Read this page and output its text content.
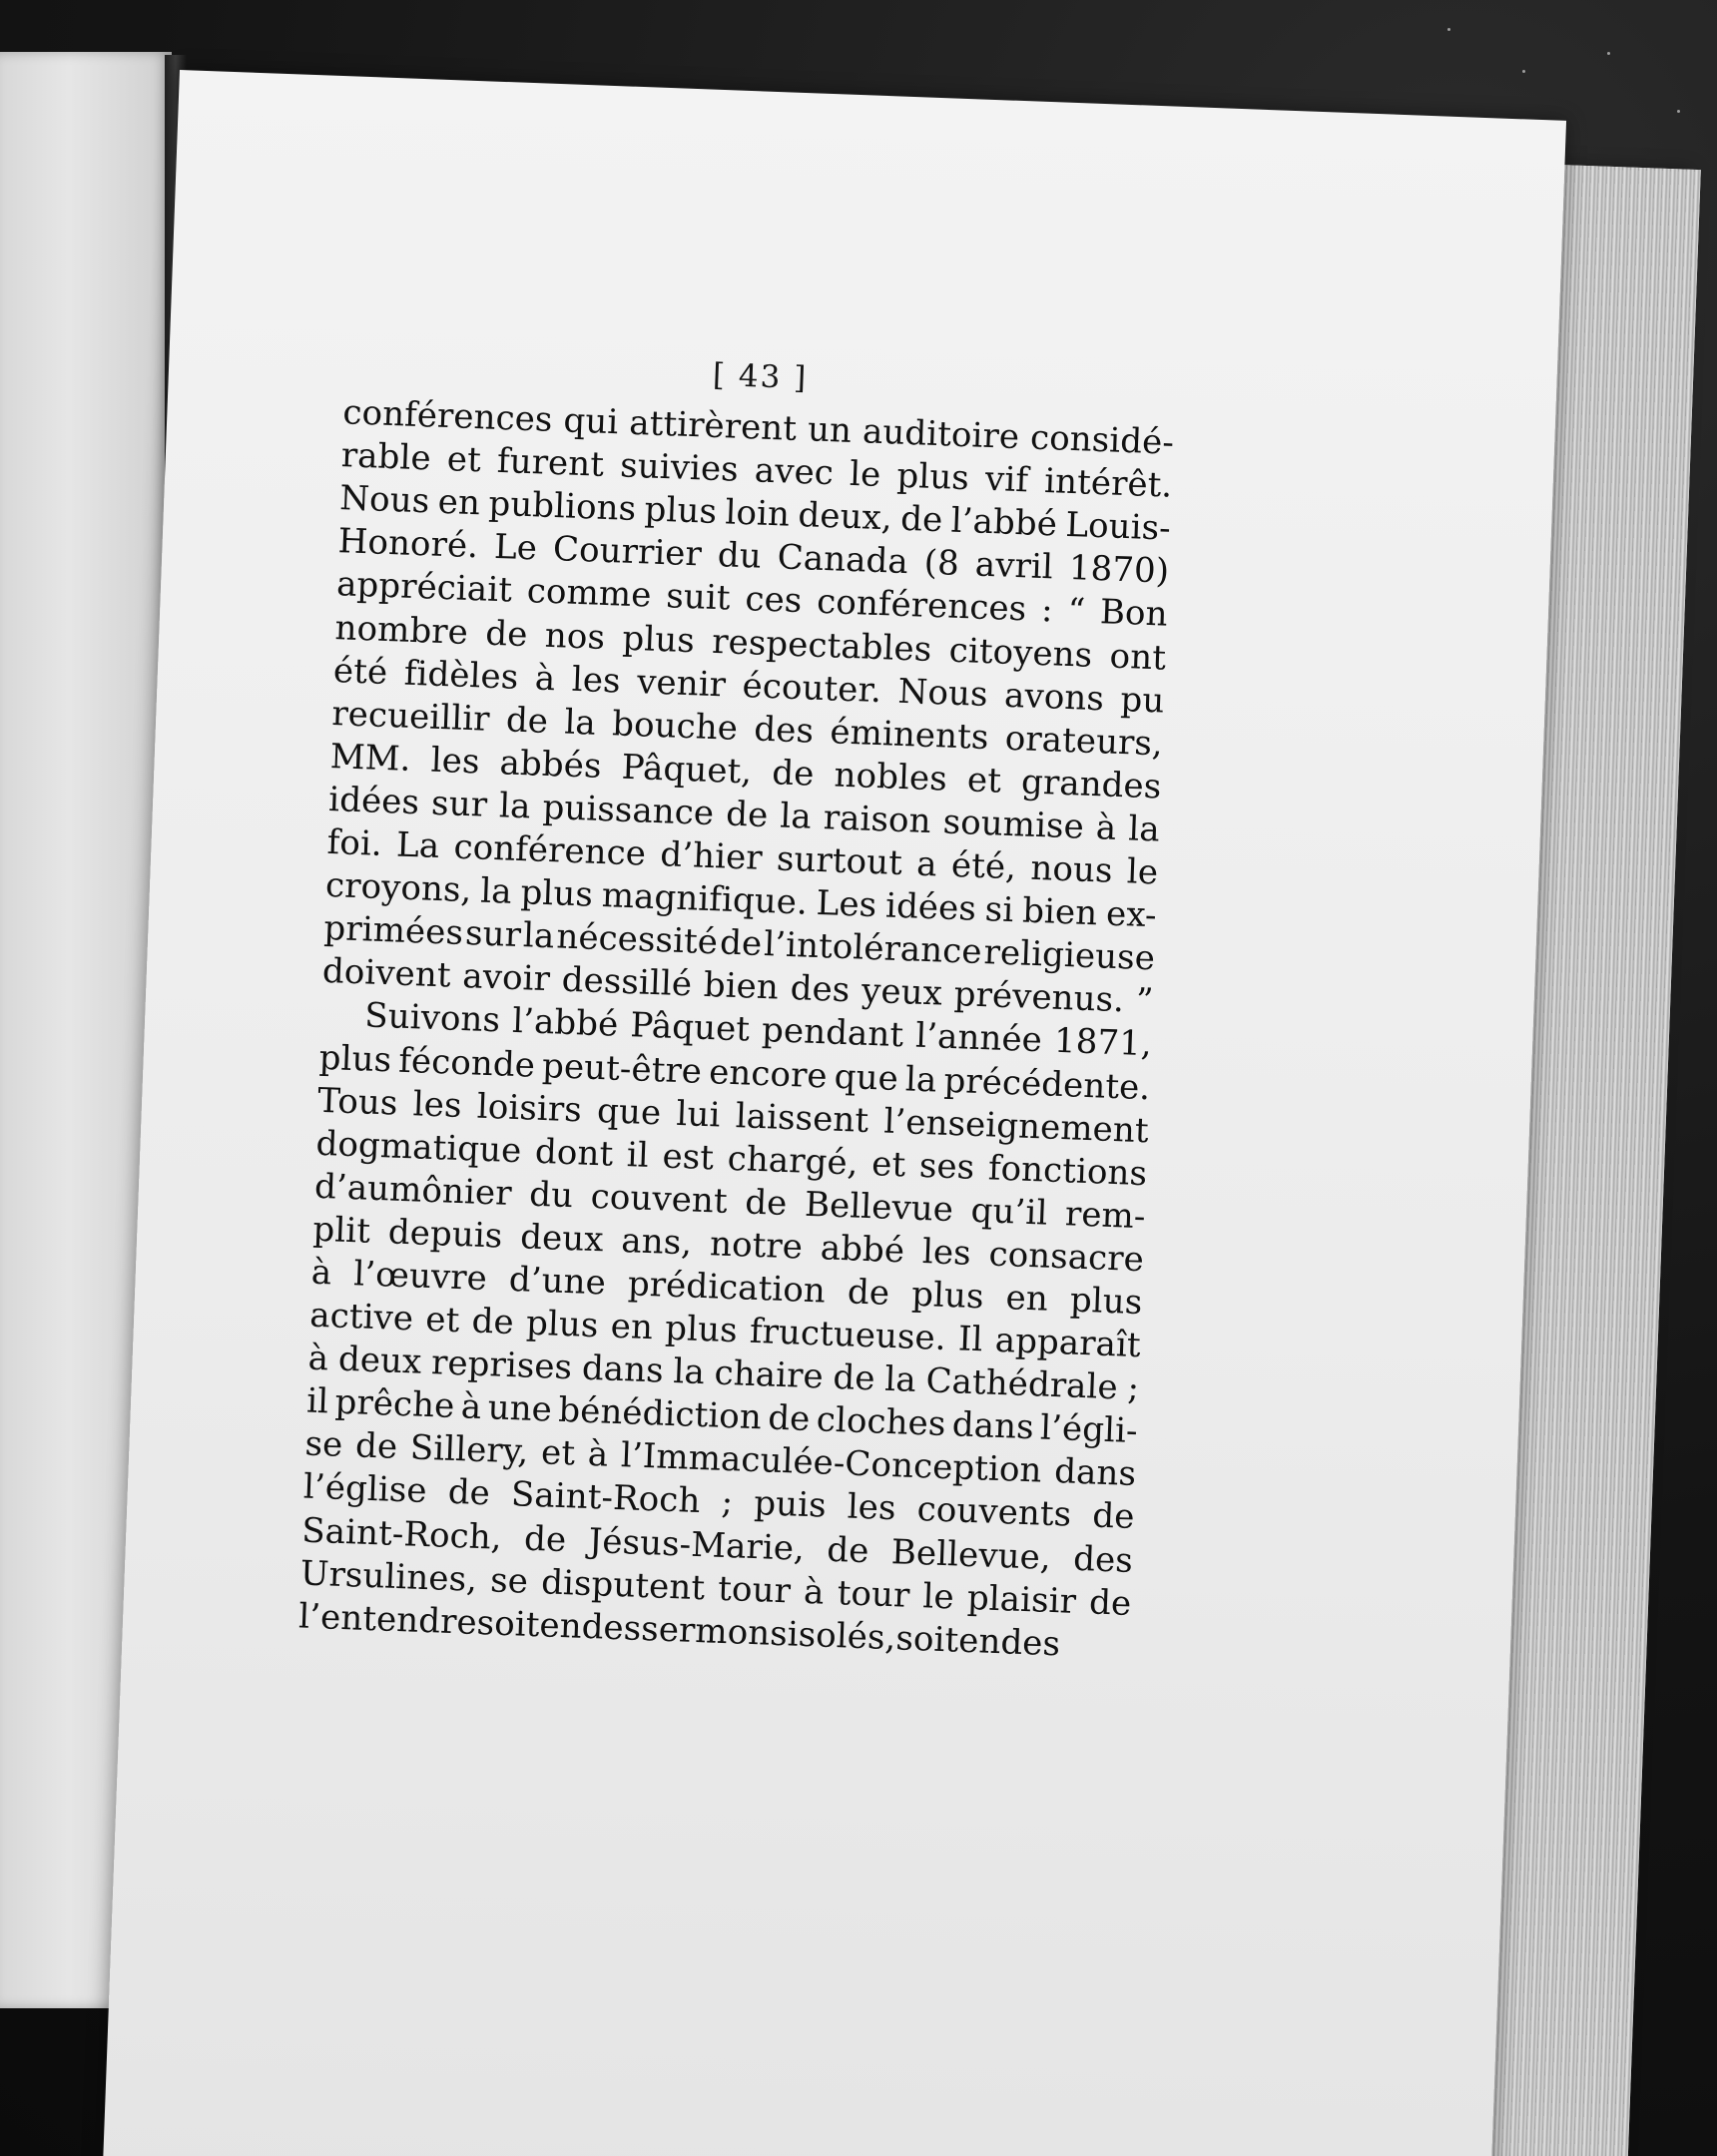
[ 43 ]
conférences qui attirèrent un auditoire considé-
rable et furent suivies avec le plus vif intérêt.
Nous en publions plus loin deux, de l’abbé Louis-
Honoré. Le Courrier du Canada (8 avril 1870)
appréciait comme suit ces conférences : “ Bon
nombre de nos plus respectables citoyens ont
été fidèles à les venir écouter. Nous avons pu
recueillir de la bouche des éminents orateurs,
MM. les abbés Pâquet, de nobles et grandes
idées sur la puissance de la raison soumise à la
foi. La conférence d’hier surtout a été, nous le
croyons, la plus magnifique. Les idées si bien ex-
primées sur la nécessité de l’intolérance religieuse
doivent avoir dessillé bien des yeux prévenus. ”
Suivons l’abbé Pâquet pendant l’année 1871,
plus féconde peut-être encore que la précédente.
Tous les loisirs que lui laissent l’enseignement
dogmatique dont il est chargé, et ses fonctions
d’aumônier du couvent de Bellevue qu’il rem-
plit depuis deux ans, notre abbé les consacre
à l’œuvre d’une prédication de plus en plus
active et de plus en plus fructueuse. Il apparaît
à deux reprises dans la chaire de la Cathédrale ;
il prêche à une bénédiction de cloches dans l’égli-
se de Sillery, et à l’Immaculée-Conception dans
l’église de Saint-Roch ; puis les couvents de
Saint-Roch, de Jésus-Marie, de Bellevue, des
Ursulines, se disputent tour à tour le plaisir de
l’entendre
soit
en
des
sermons
isolés,
soit
en
des
